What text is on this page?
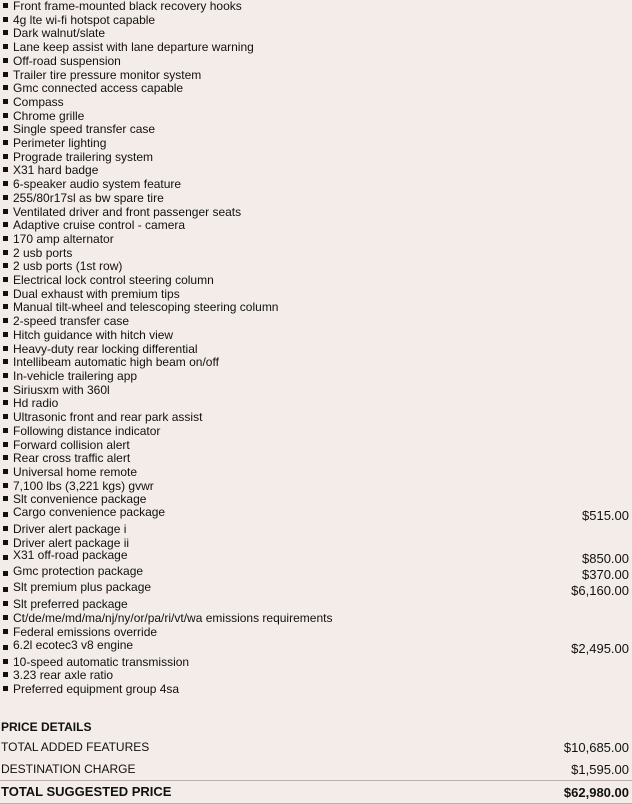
Front frame-mounted black recovery hooks
4g lte wi-fi hotspot capable
Dark walnut/slate
Lane keep assist with lane departure warning
Off-road suspension
Trailer tire pressure monitor system
Gmc connected access capable
Compass
Chrome grille
Single speed transfer case
Perimeter lighting
Prograde trailering system
X31 hard badge
6-speaker audio system feature
255/80r17sl as bw spare tire
Ventilated driver and front passenger seats
Adaptive cruise control - camera
170 amp alternator
2 usb ports
2 usb ports (1st row)
Electrical lock control steering column
Dual exhaust with premium tips
Manual tilt-wheel and telescoping steering column
2-speed transfer case
Hitch guidance with hitch view
Heavy-duty rear locking differential
Intellibeam automatic high beam on/off
In-vehicle trailering app
Siriusxm with 360l
Hd radio
Ultrasonic front and rear park assist
Following distance indicator
Forward collision alert
Rear cross traffic alert
Universal home remote
7,100 lbs (3,221 kgs) gvwr
Slt convenience package
Cargo convenience package	$515.00
Driver alert package i
Driver alert package ii
X31 off-road package	$850.00
Gmc protection package	$370.00
Slt premium plus package	$6,160.00
Slt preferred package
Ct/de/me/md/ma/nj/ny/or/pa/ri/vt/wa emissions requirements
Federal emissions override
6.2l ecotec3 v8 engine	$2,495.00
10-speed automatic transmission
3.23 rear axle ratio
Preferred equipment group 4sa
PRICE DETAILS
TOTAL ADDED FEATURES	$10,685.00
DESTINATION CHARGE	$1,595.00
TOTAL SUGGESTED PRICE	$62,980.00
